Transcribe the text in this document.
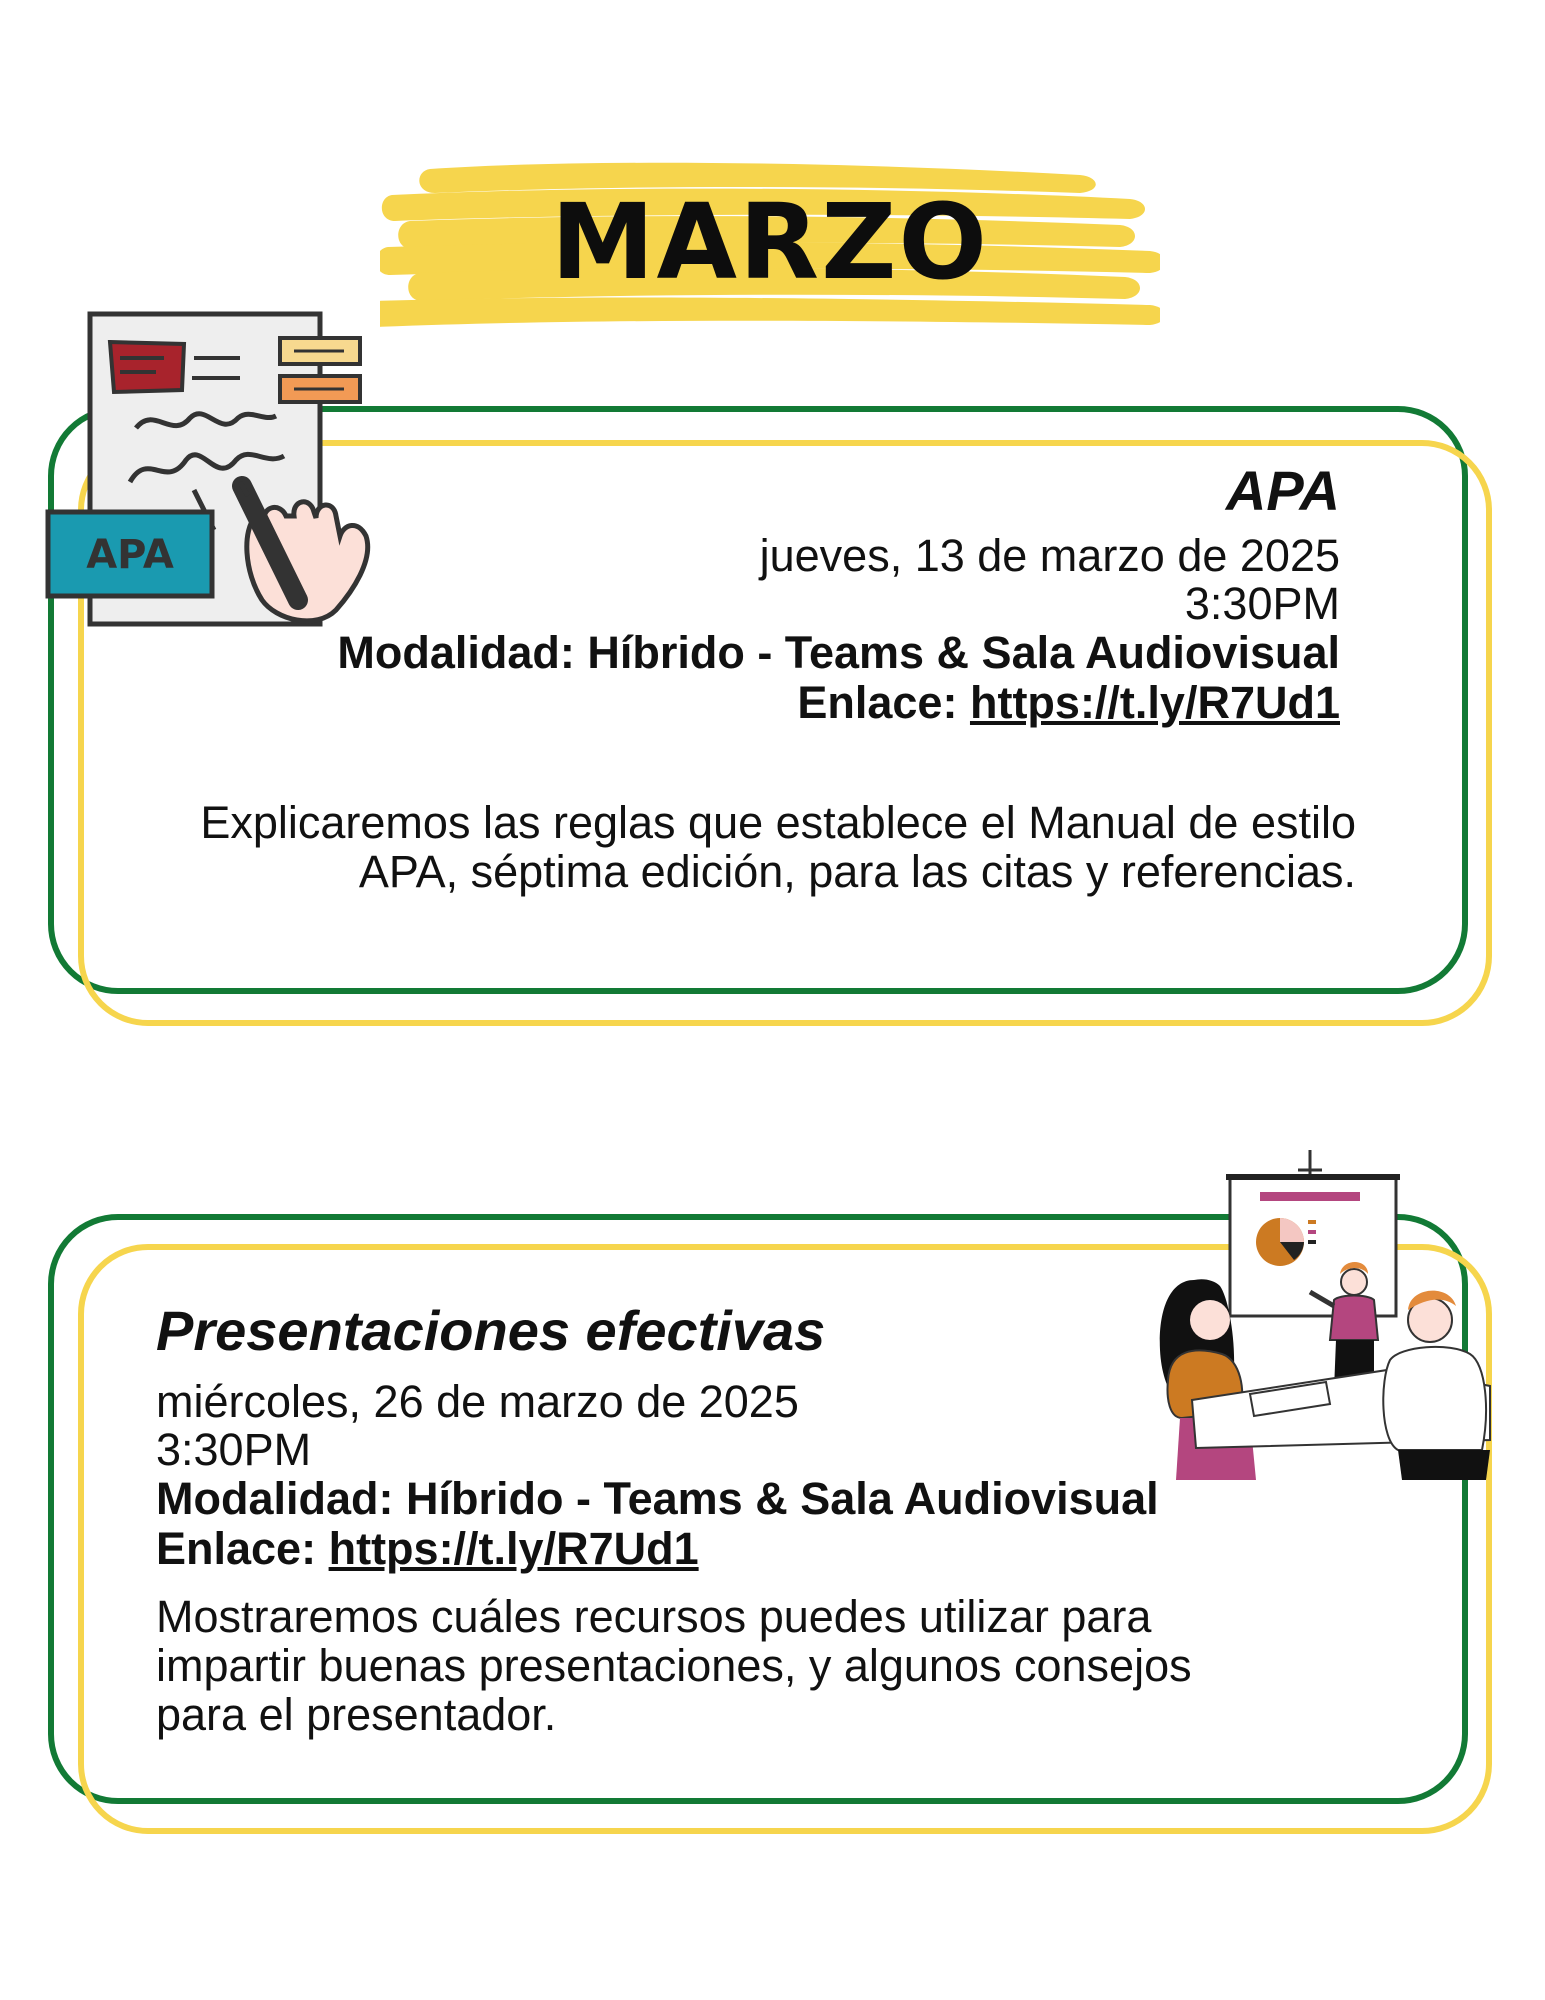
MARZO
APA
APA
jueves, 13 de marzo de 2025
3:30PM
Modalidad: Híbrido - Teams & Sala Audiovisual
Enlace: https://t.ly/R7Ud1
Explicaremos las reglas que establece el Manual de estilo APA, séptima edición, para las citas y referencias.
Presentaciones efectivas
miércoles, 26 de marzo de 2025
3:30PM
Modalidad: Híbrido - Teams & Sala Audiovisual
Enlace: https://t.ly/R7Ud1
Mostraremos cuáles recursos puedes utilizar para impartir buenas presentaciones, y algunos consejos para el presentador.
